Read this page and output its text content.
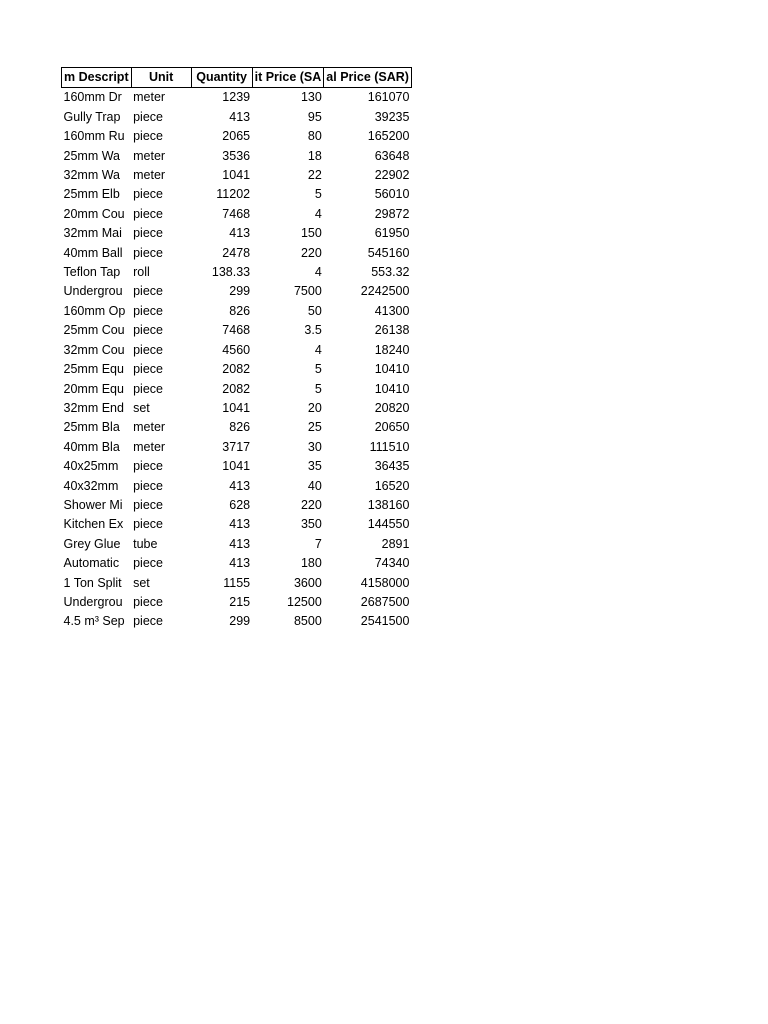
m Descript	Unit	Quantity	it Price (SA	al Price (SAR)

160mm Dr	meter	1239	130	161070
Gully Trap	piece	413	95	39235
160mm Ru	piece	2065	80	165200
25mm Wa	meter	3536	18	63648
32mm Wa	meter	1041	22	22902
25mm Elb	piece	11202	5	56010
20mm Cou	piece	7468	4	29872
32mm Mai	piece	413	150	61950
40mm Ball	piece	2478	220	545160
Teflon Tap	roll	138.33	4	553.32
Undergrou	piece	299	7500	2242500
160mm Op	piece	826	50	41300
25mm Cou	piece	7468	3.5	26138
32mm Cou	piece	4560	4	18240
25mm Equ	piece	2082	5	10410
20mm Equ	piece	2082	5	10410
32mm End	set	1041	20	20820
25mm Bla	meter	826	25	20650
40mm Bla	meter	3717	30	111510
40x25mm	piece	1041	35	36435
40x32mm	piece	413	40	16520
Shower Mi	piece	628	220	138160
Kitchen Ex	piece	413	350	144550
Grey Glue	tube	413	7	2891
Automatic	piece	413	180	74340
1 Ton Split	set	1155	3600	4158000
Undergrou	piece	215	12500	2687500
4.5 m³ Sep	piece	299	8500	2541500
